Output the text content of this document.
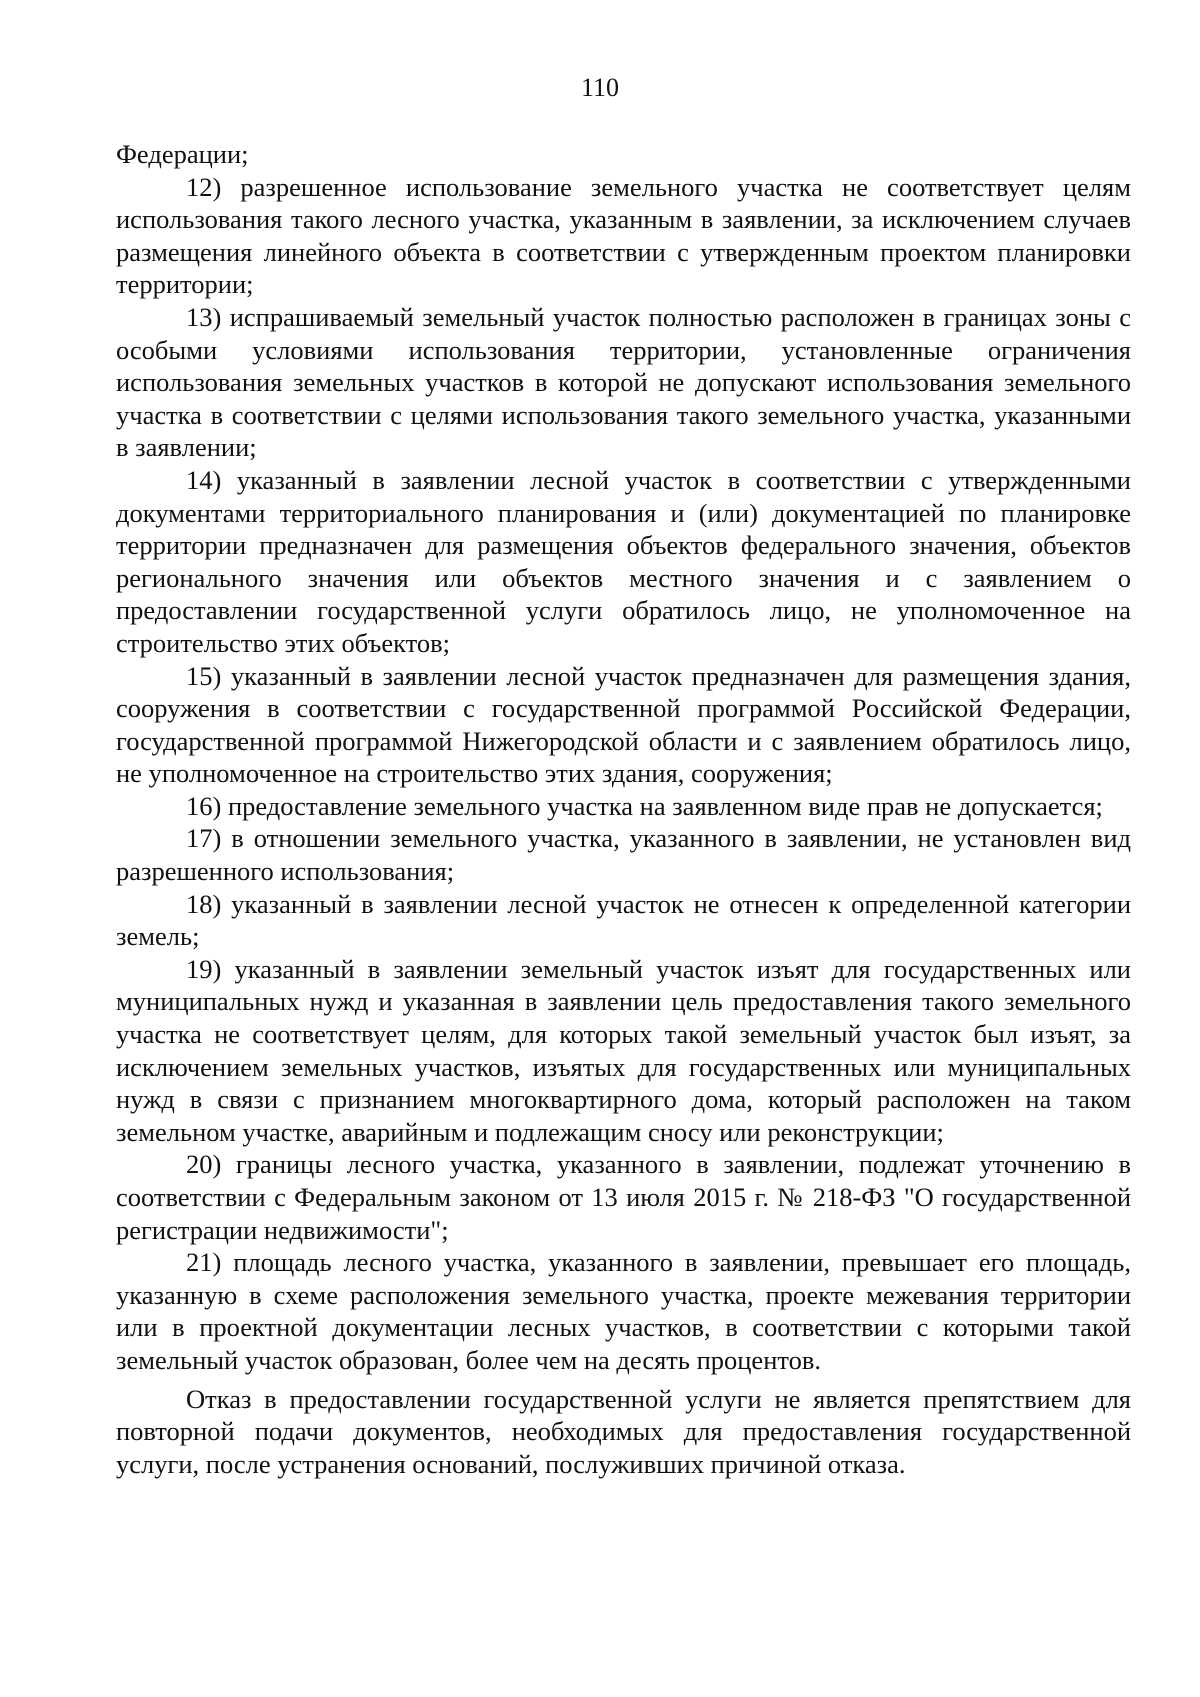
110

Федерации;

12) разрешенное использование земельного участка не соответствует целям использования такого лесного участка, указанным в заявлении, за исключением случаев размещения линейного объекта в соответствии с утвержденным проектом планировки территории;

13) испрашиваемый земельный участок полностью расположен в границах зоны с особыми условиями использования территории, установленные ограничения использования земельных участков в которой не допускают использования земельного участка в соответствии с целями использования такого земельного участка, указанными в заявлении;

14) указанный в заявлении лесной участок в соответствии с утвержденными документами территориального планирования и (или) документацией по планировке территории предназначен для размещения объектов федерального значения, объектов регионального значения или объектов местного значения и с заявлением о предоставлении государственной услуги обратилось лицо, не уполномоченное на строительство этих объектов;

15) указанный в заявлении лесной участок предназначен для размещения здания, сооружения в соответствии с государственной программой Российской Федерации, государственной программой Нижегородской области и с заявлением обратилось лицо, не уполномоченное на строительство этих здания, сооружения;

16) предоставление земельного участка на заявленном виде прав не допускается;

17) в отношении земельного участка, указанного в заявлении, не установлен вид разрешенного использования;

18) указанный в заявлении лесной участок не отнесен к определенной категории земель;

19) указанный в заявлении земельный участок изъят для государственных или муниципальных нужд и указанная в заявлении цель предоставления такого земельного участка не соответствует целям, для которых такой земельный участок был изъят, за исключением земельных участков, изъятых для государственных или муниципальных нужд в связи с признанием многоквартирного дома, который расположен на таком земельном участке, аварийным и подлежащим сносу или реконструкции;

20) границы лесного участка, указанного в заявлении, подлежат уточнению в соответствии с Федеральным законом от 13 июля 2015 г. № 218-ФЗ "О государственной регистрации недвижимости";

21) площадь лесного участка, указанного в заявлении, превышает его площадь, указанную в схеме расположения земельного участка, проекте межевания территории или в проектной документации лесных участков, в соответствии с которыми такой земельный участок образован, более чем на десять процентов.

Отказ в предоставлении государственной услуги не является препятствием для повторной подачи документов, необходимых для предоставления государственной услуги, после устранения оснований, послуживших причиной отказа.
